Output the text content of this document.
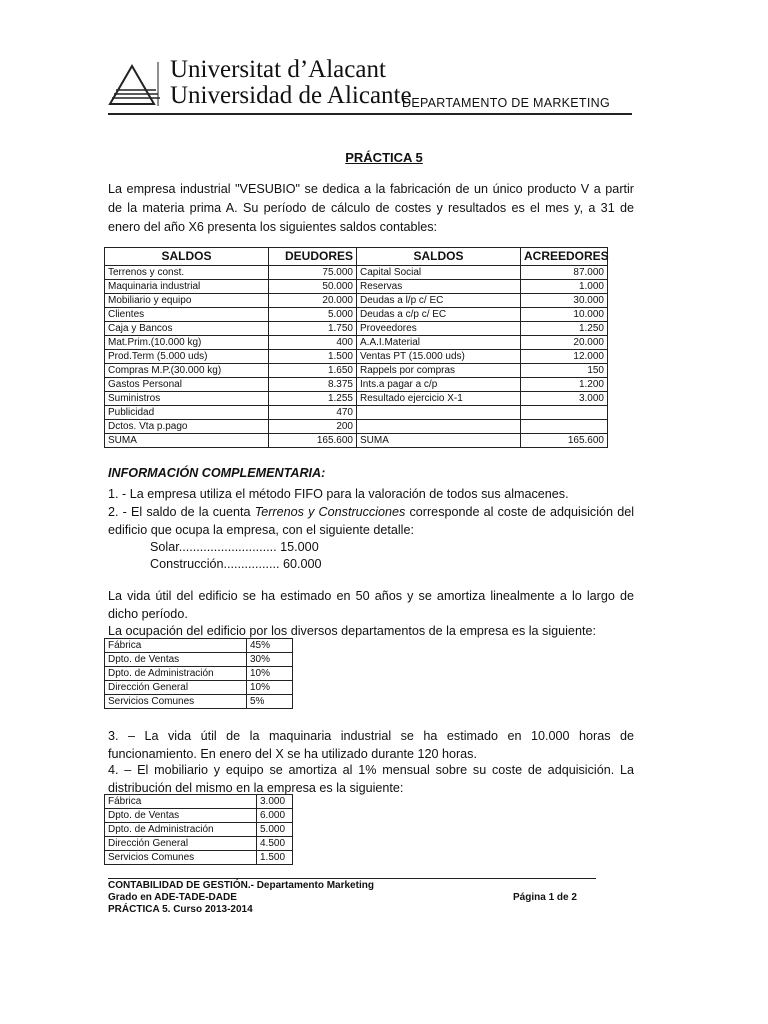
Universitat d’Alacant
Universidad de Alicante
DEPARTAMENTO DE MARKETING
PRÁCTICA 5
La empresa industrial "VESUBIO" se dedica a la fabricación de un único producto V a partir de la materia prima A. Su período de cálculo de costes y resultados es el mes y, a 31 de enero del año X6 presenta los siguientes saldos contables:
SALDOS	DEUDORES	SALDOS	ACREEDORES
Terrenos y const.	75.000	Capital Social	87.000
Maquinaria industrial	50.000	Reservas	1.000
Mobiliario y equipo	20.000	Deudas a l/p c/ EC	30.000
Clientes	5.000	Deudas a c/p c/ EC	10.000
Caja y Bancos	1.750	Proveedores	1.250
Mat.Prim.(10.000 kg)	400	A.A.I.Material	20.000
Prod.Term (5.000 uds)	1.500	Ventas PT (15.000 uds)	12.000
Compras M.P.(30.000 kg)	1.650	Rappels por compras	150
Gastos Personal	8.375	Ints.a pagar a c/p	1.200
Suministros	1.255	Resultado ejercicio X-1	3.000
Publicidad	470		
Dctos. Vta p.pago	200		
SUMA	165.600	SUMA	165.600
INFORMACIÓN COMPLEMENTARIA:
1. - La empresa utiliza el método FIFO para la valoración de todos sus almacenes.
2. - El saldo de la cuenta Terrenos y Construcciones corresponde al coste de adquisición del edificio que ocupa la empresa, con el siguiente detalle:
Solar............................ 15.000
Construcción................ 60.000
La vida útil del edificio se ha estimado en 50 años y se amortiza linealmente a lo largo de dicho período.
La ocupación del edificio por los diversos departamentos de la empresa es la siguiente:
Fábrica	45%
Dpto. de Ventas	30%
Dpto. de Administración	10%
Dirección General	10%
Servicios Comunes	5%
3. – La vida útil de la maquinaria industrial se ha estimado en 10.000 horas de funcionamiento. En enero del X se ha utilizado durante 120 horas.
4. – El mobiliario y equipo se amortiza al 1% mensual sobre su coste de adquisición. La distribución del mismo en la empresa es la siguiente:
Fábrica	3.000
Dpto. de Ventas	6.000
Dpto. de Administración	5.000
Dirección General	4.500
Servicios Comunes	1.500
CONTABILIDAD DE GESTIÓN.- Departamento Marketing
Grado en ADE-TADE-DADE
PRÁCTICA 5. Curso 2013-2014
Página 1 de 2
